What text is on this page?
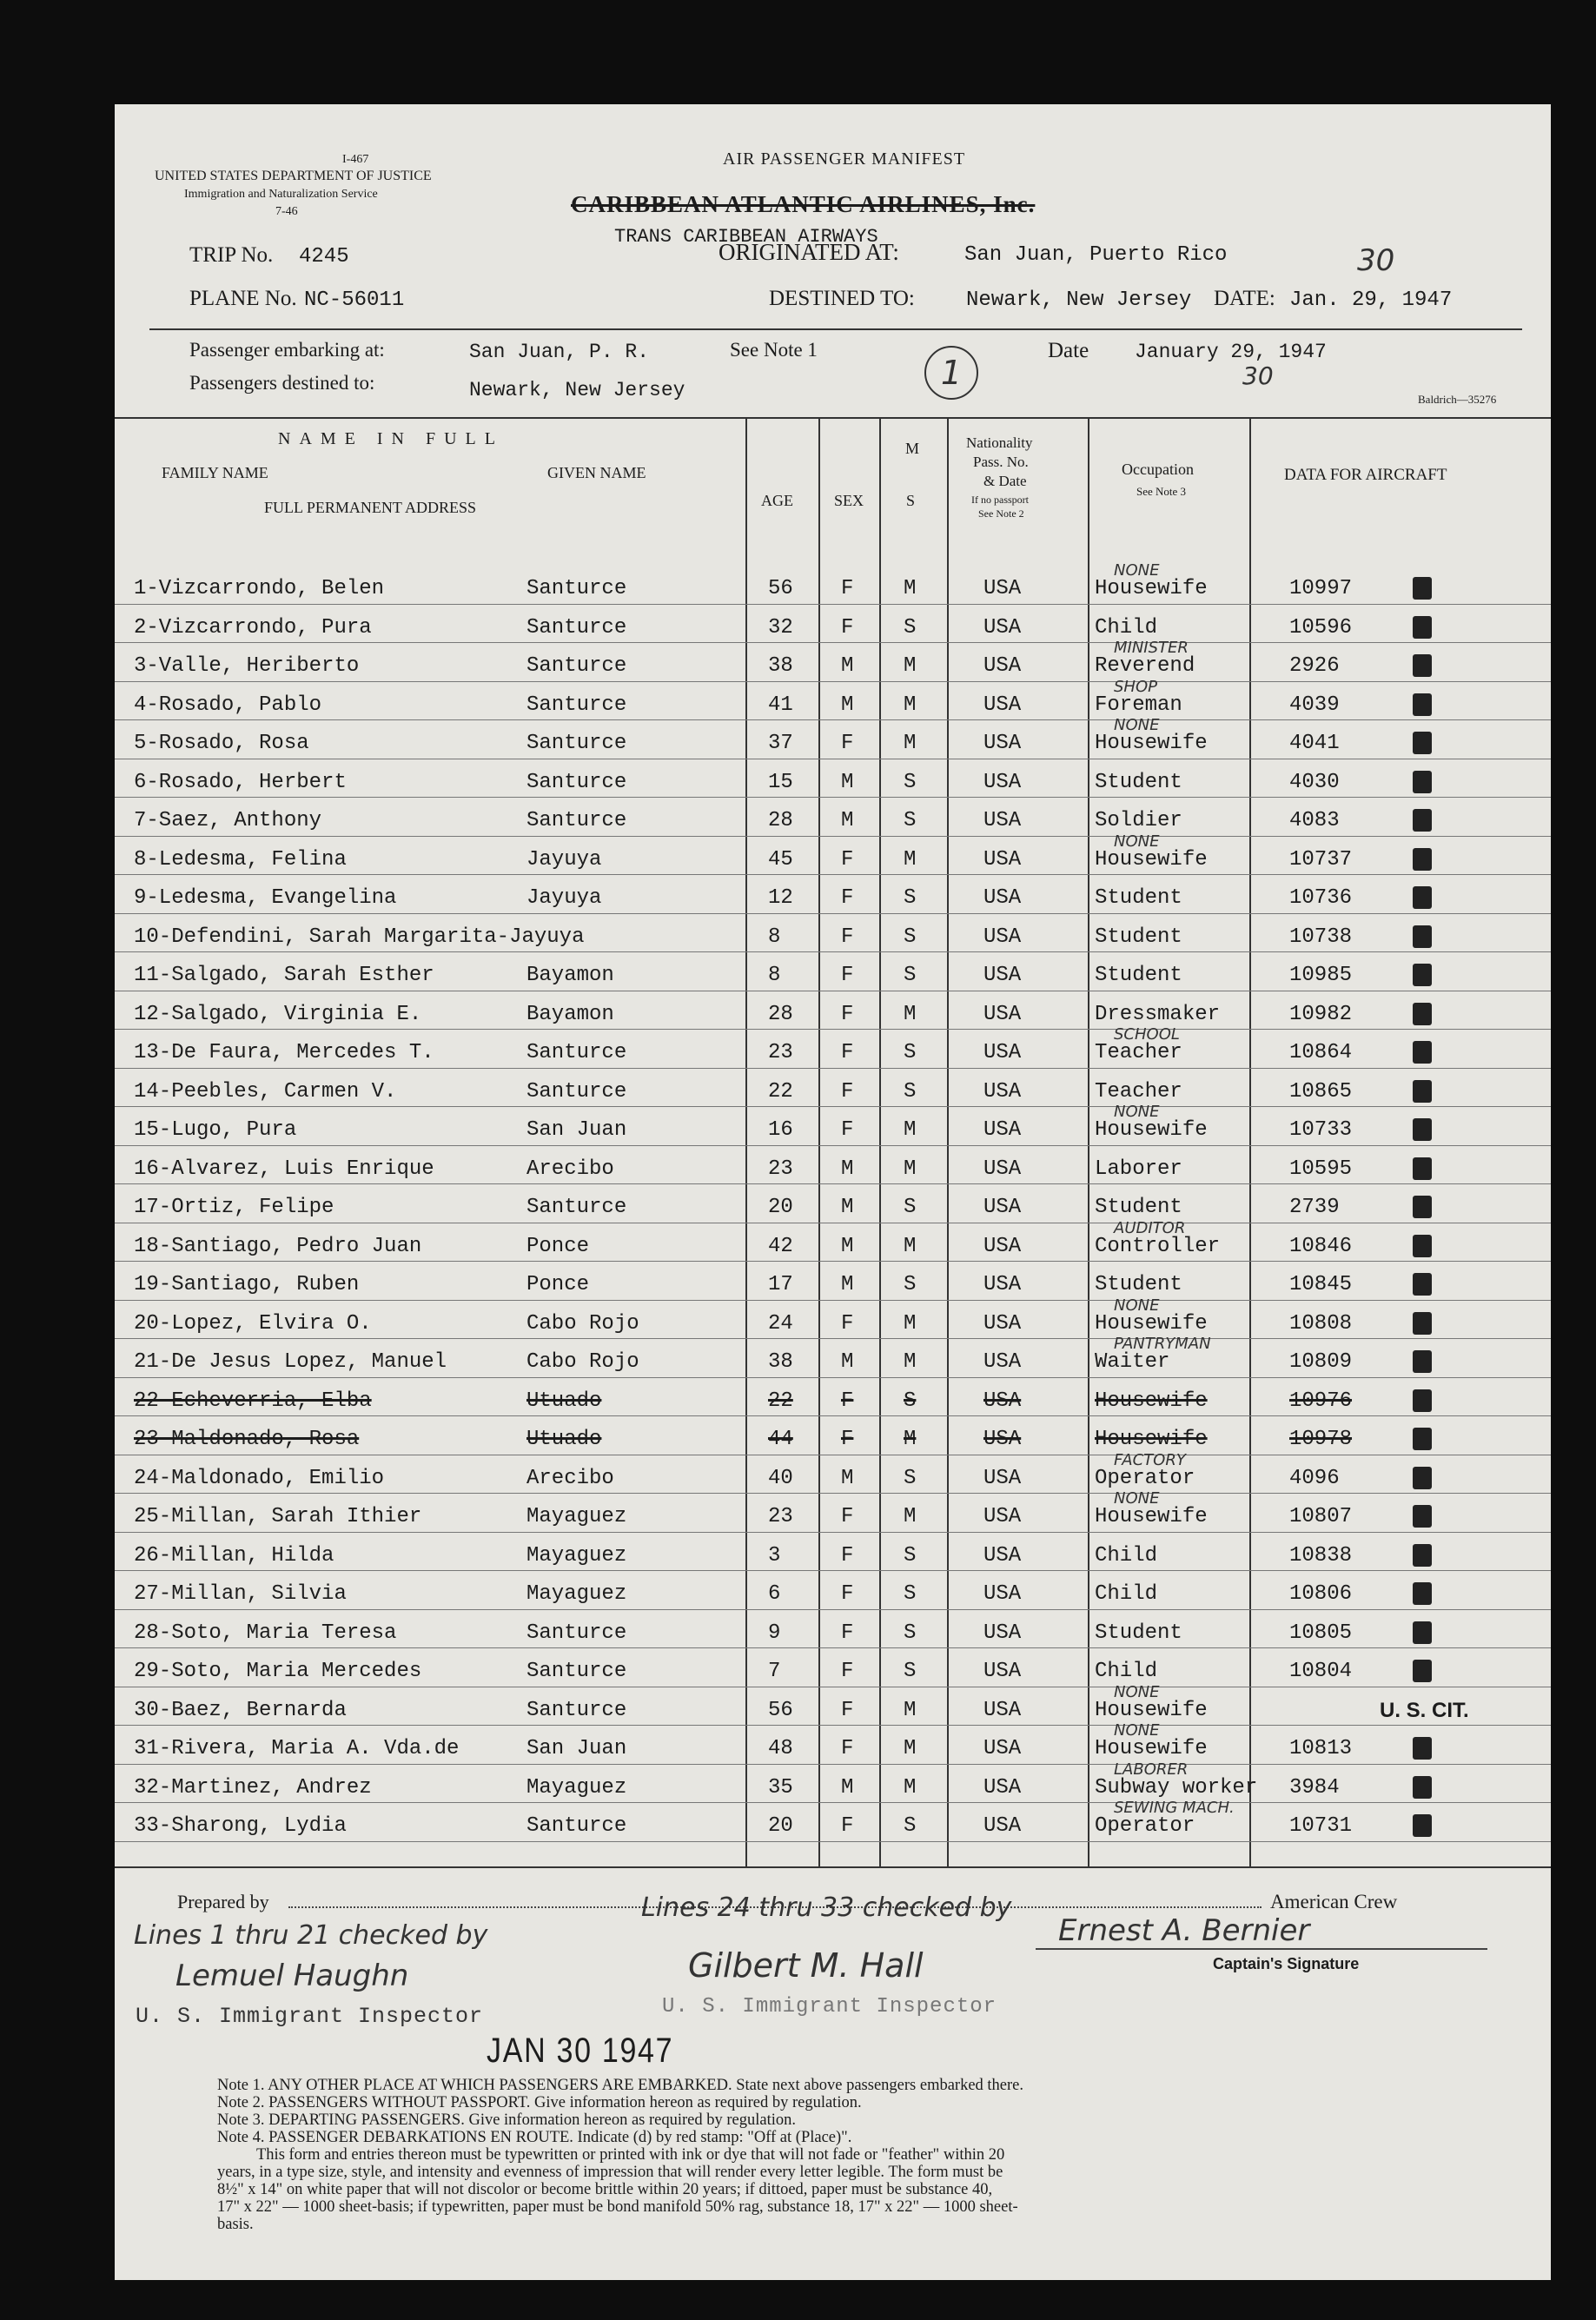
I-467
UNITED STATES DEPARTMENT OF JUSTICE
Immigration and Naturalization Service
7-46
AIR PASSENGER MANIFEST
CARIBBEAN ATLANTIC AIRLINES, Inc.
TRANS CARIBBEAN AIRWAYS
TRIP No. 4245	ORIGINATED AT:	San Juan, Puerto Rico	30
PLANE No. NC-56011	DESTINED TO: Newark, New Jersey DATE: Jan. 29, 1947
Passenger embarking at:	San Juan, P. R.	See Note 1
1
Date January 29, 1947
30
Passengers destined to:	Newark, New Jersey	Baldrich—35276
NAME IN FULL
FAMILY NAME	GIVEN NAME
FULL PERMANENT ADDRESS	AGE	SEX
M
S
Nationality
Pass. No.
& Date
If no passport
See Note 2
Occupation
See Note 3
DATA FOR AIRCRAFT
1-Vizcarrondo, Belen	Santurce	56 F M	USA	Housewife	10997
NONE
2-Vizcarrondo, Pura	Santurce	32 F S	USA	Child	10596
3-Valle, Heriberto	Santurce	38 M M	USA	Reverend	2926
MINISTER
4-Rosado, Pablo	Santurce	41 M M	USA	Foreman	4039
SHOP
5-Rosado, Rosa	Santurce	37 F M	USA	Housewife	4041
NONE
6-Rosado, Herbert	Santurce	15 M S	USA	Student	4030
7-Saez, Anthony	Santurce	28 M S	USA	Soldier	4083
8-Ledesma, Felina	Jayuya	45 F M	USA	Housewife	10737
NONE
9-Ledesma, Evangelina	Jayuya	12 F S	USA	Student	10736
10-Defendini, Sarah Margarita-Jayuya	8	F S	USA	Student	10738
11-Salgado, Sarah Esther	Bayamon	8	F S	USA	Student	10985
12-Salgado, Virginia E.	Bayamon	28 F M	USA	Dressmaker	10982
13-De Faura, Mercedes T.	Santurce	23 F S	USA	Teacher	10864
SCHOOL
14-Peebles, Carmen V.	Santurce	22 F S	USA	Teacher	10865
15-Lugo, Pura	San Juan	16 F M	USA	Housewife	10733
NONE
16-Alvarez, Luis Enrique	Arecibo	23 M M	USA	Laborer	10595
17-Ortiz, Felipe	Santurce	20 M S	USA	Student	2739
18-Santiago, Pedro Juan	Ponce	42 M M	USA	Controller	10846
AUDITOR
19-Santiago, Ruben	Ponce	17 M S	USA	Student	10845
20-Lopez, Elvira O.	Cabo Rojo	24 F M	USA	Housewife	10808
NONE
21-De Jesus Lopez, Manuel	Cabo Rojo	38 M M	USA	Waiter	10809
PANTRYMAN
22-Echeverria, Elba	Utuado	22 F S	USA	Housewife	10976
23-Maldonado, Rosa	Utuado	44 F M	USA	Housewife	10978
24-Maldonado, Emilio	Arecibo	40 M S	USA	Operator	4096
FACTORY
25-Millan, Sarah Ithier	Mayaguez	23 F M	USA	Housewife	10807
NONE
26-Millan, Hilda	Mayaguez	3	F S	USA	Child	10838
27-Millan, Silvia	Mayaguez	6	F S	USA	Child	10806
28-Soto, Maria Teresa	Santurce	9	F S	USA	Student	10805
29-Soto, Maria Mercedes	Santurce	7	F S	USA	Child	10804
30-Baez, Bernarda	Santurce	56 F M	USA	Housewife	U. S. CIT.
NONE
31-Rivera, Maria A. Vda.de	San Juan	48 F M	USA	Housewife	10813
NONE
32-Martinez, Andrez	Mayaguez	35 M M	USA	Subway worker 3984
LABORER
33-Sharong, Lydia	Santurce	20 F S	USA	Operator	10731
SEWING MACH.
Prepared by	American Crew
Captain's Signature
Lines 1 thru 21 checked by
Lines 24 thru 33 checked by
Lemuel Haughn	Gilbert M. Hall
Ernest A. Bernier
U. S. Immigrant Inspector	U. S. Immigrant Inspector
JAN 30 1947
Note 1. ANY OTHER PLACE AT WHICH PASSENGERS ARE EMBARKED. State next above passengers embarked there.
Note 2. PASSENGERS WITHOUT PASSPORT. Give information hereon as required by regulation.
Note 3. DEPARTING PASSENGERS. Give information hereon as required by regulation.
Note 4. PASSENGER DEBARKATIONS EN ROUTE. Indicate (d) by red stamp: "Off at (Place)".
This form and entries thereon must be typewritten or printed with ink or dye that will not fade or "feather" within 20
years, in a type size, style, and intensity and evenness of impression that will render every letter legible. The form must be
8½" x 14" on white paper that will not discolor or become brittle within 20 years; if dittoed, paper must be substance 40,
17" x 22" — 1000 sheet-basis; if typewritten, paper must be bond manifold 50% rag, substance 18, 17" x 22" — 1000 sheet-
basis.
